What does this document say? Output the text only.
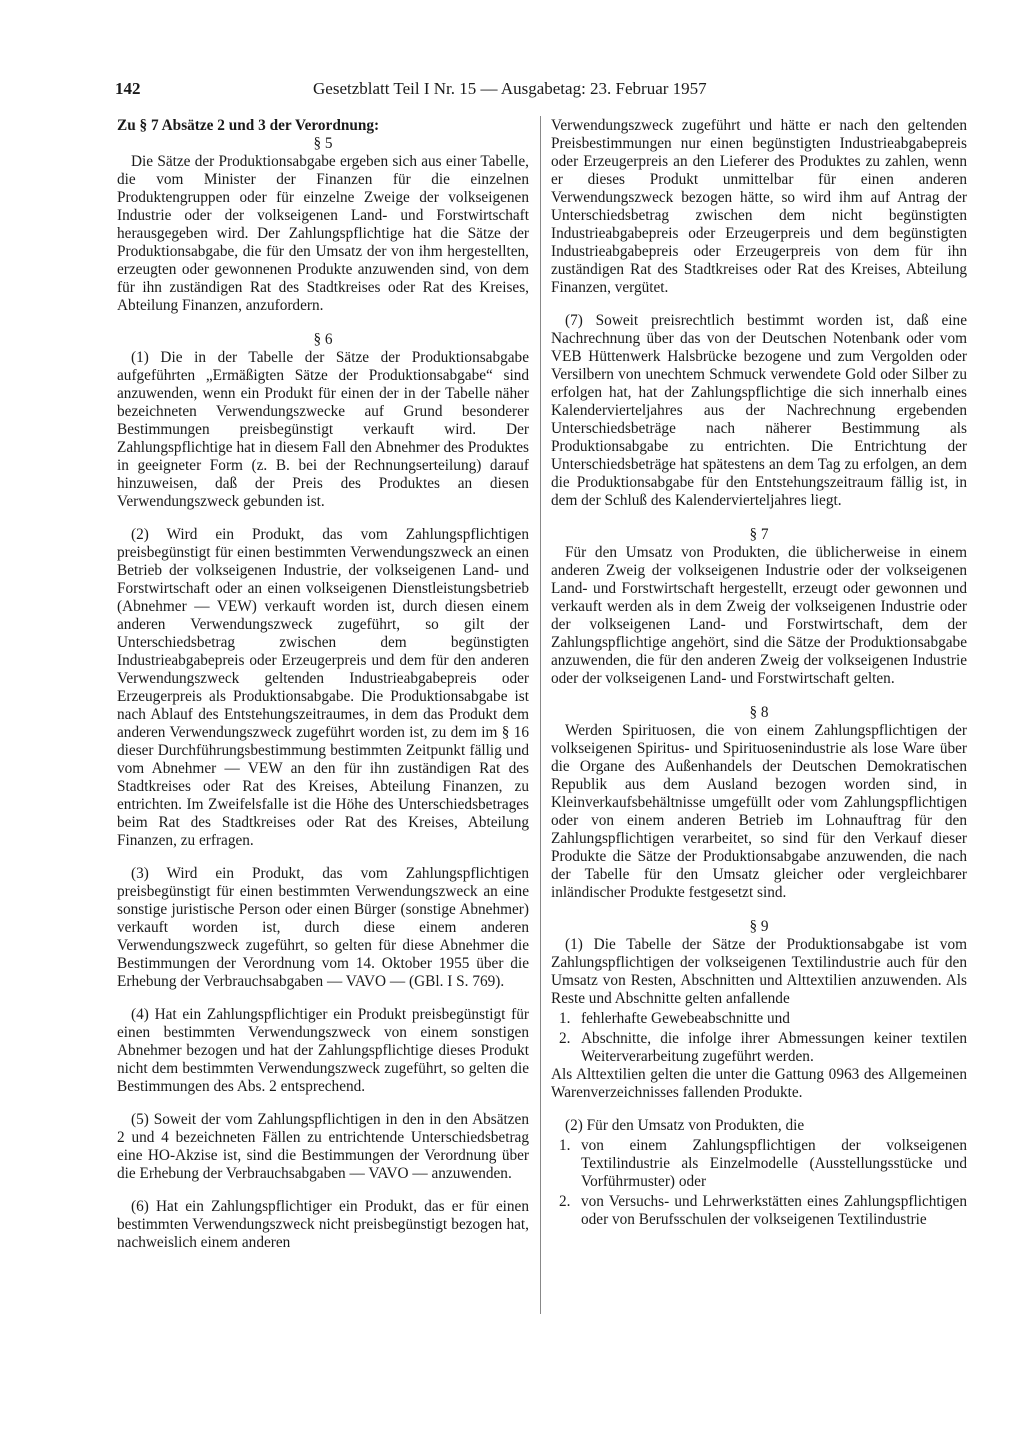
142	Gesetzblatt Teil I Nr. 15 — Ausgabetag: 23. Februar 1957

Zu § 7 Absätze 2 und 3 der Verordnung:

§ 5

Die Sätze der Produktionsabgabe ergeben sich aus einer Tabelle, die vom Minister der Finanzen für die einzelnen Produktengruppen oder für einzelne Zweige der volkseigenen Industrie oder der volkseigenen Land- und Forstwirtschaft herausgegeben wird. Der Zahlungspflichtige hat die Sätze der Produktionsabgabe, die für den Umsatz der von ihm hergestellten, erzeugten oder gewonnenen Produkte anzuwenden sind, von dem für ihn zuständigen Rat des Stadtkreises oder Rat des Kreises, Abteilung Finanzen, anzufordern.

§ 6

(1) Die in der Tabelle der Sätze der Produktionsabgabe aufgeführten „Ermäßigten Sätze der Produktionsabgabe“ sind anzuwenden, wenn ein Produkt für einen der in der Tabelle näher bezeichneten Verwendungszwecke auf Grund besonderer Bestimmungen preisbegünstigt verkauft wird. Der Zahlungspflichtige hat in diesem Fall den Abnehmer des Produktes in geeigneter Form (z. B. bei der Rechnungserteilung) darauf hinzuweisen, daß der Preis des Produktes an diesen Verwendungszweck gebunden ist.

(2) Wird ein Produkt, das vom Zahlungspflichtigen preisbegünstigt für einen bestimmten Verwendungszweck an einen Betrieb der volkseigenen Industrie, der volkseigenen Land- und Forstwirtschaft oder an einen volkseigenen Dienstleistungsbetrieb (Abnehmer — VEW) verkauft worden ist, durch diesen einem anderen Verwendungszweck zugeführt, so gilt der Unterschiedsbetrag zwischen dem begünstigten Industrieabgabepreis oder Erzeugerpreis und dem für den anderen Verwendungszweck geltenden Industrieabgabepreis oder Erzeugerpreis als Produktionsabgabe. Die Produktionsabgabe ist nach Ablauf des Entstehungszeitraumes, in dem das Produkt dem anderen Verwendungszweck zugeführt worden ist, zu dem im § 16 dieser Durchführungsbestimmung bestimmten Zeitpunkt fällig und vom Abnehmer — VEW an den für ihn zuständigen Rat des Stadtkreises oder Rat des Kreises, Abteilung Finanzen, zu entrichten. Im Zweifelsfalle ist die Höhe des Unterschiedsbetrages beim Rat des Stadtkreises oder Rat des Kreises, Abteilung Finanzen, zu erfragen.

(3) Wird ein Produkt, das vom Zahlungspflichtigen preisbegünstigt für einen bestimmten Verwendungszweck an eine sonstige juristische Person oder einen Bürger (sonstige Abnehmer) verkauft worden ist, durch diese einem anderen Verwendungszweck zugeführt, so gelten für diese Abnehmer die Bestimmungen der Verordnung vom 14. Oktober 1955 über die Erhebung der Verbrauchsabgaben — VAVO — (GBl. I S. 769).

(4) Hat ein Zahlungspflichtiger ein Produkt preisbegünstigt für einen bestimmten Verwendungszweck von einem sonstigen Abnehmer bezogen und hat der Zahlungspflichtige dieses Produkt nicht dem bestimmten Verwendungszweck zugeführt, so gelten die Bestimmungen des Abs. 2 entsprechend.

(5) Soweit der vom Zahlungspflichtigen in den in den Absätzen 2 und 4 bezeichneten Fällen zu entrichtende Unterschiedsbetrag eine HO-Akzise ist, sind die Bestimmungen der Verordnung über die Erhebung der Verbrauchsabgaben — VAVO — anzuwenden.

(6) Hat ein Zahlungspflichtiger ein Produkt, das er für einen bestimmten Verwendungszweck nicht preisbegünstigt bezogen hat, nachweislich einem anderen

Verwendungszweck zugeführt und hätte er nach den geltenden Preisbestimmungen nur einen begünstigten Industrieabgabepreis oder Erzeugerpreis an den Lieferer des Produktes zu zahlen, wenn er dieses Produkt unmittelbar für einen anderen Verwendungszweck bezogen hätte, so wird ihm auf Antrag der Unterschiedsbetrag zwischen dem nicht begünstigten Industrieabgabepreis oder Erzeugerpreis und dem begünstigten Industrieabgabepreis oder Erzeugerpreis von dem für ihn zuständigen Rat des Stadtkreises oder Rat des Kreises, Abteilung Finanzen, vergütet.

(7) Soweit preisrechtlich bestimmt worden ist, daß eine Nachrechnung über das von der Deutschen Notenbank oder vom VEB Hüttenwerk Halsbrücke bezogene und zum Vergolden oder Versilbern von unechtem Schmuck verwendete Gold oder Silber zu erfolgen hat, hat der Zahlungspflichtige die sich innerhalb eines Kalendervierteljahres aus der Nachrechnung ergebenden Unterschiedsbeträge nach näherer Bestimmung als Produktionsabgabe zu entrichten. Die Entrichtung der Unterschiedsbeträge hat spätestens an dem Tag zu erfolgen, an dem die Produktionsabgabe für den Entstehungszeitraum fällig ist, in dem der Schluß des Kalendervierteljahres liegt.

§ 7

Für den Umsatz von Produkten, die üblicherweise in einem anderen Zweig der volkseigenen Industrie oder der volkseigenen Land- und Forstwirtschaft hergestellt, erzeugt oder gewonnen und verkauft werden als in dem Zweig der volkseigenen Industrie oder der volkseigenen Land- und Forstwirtschaft, dem der Zahlungspflichtige angehört, sind die Sätze der Produktionsabgabe anzuwenden, die für den anderen Zweig der volkseigenen Industrie oder der volkseigenen Land- und Forstwirtschaft gelten.

§ 8

Werden Spirituosen, die von einem Zahlungspflichtigen der volkseigenen Spiritus- und Spirituosenindustrie als lose Ware über die Organe des Außenhandels der Deutschen Demokratischen Republik aus dem Ausland bezogen worden sind, in Kleinverkaufsbehältnisse umgefüllt oder vom Zahlungspflichtigen oder von einem anderen Betrieb im Lohnauftrag für den Zahlungspflichtigen verarbeitet, so sind für den Verkauf dieser Produkte die Sätze der Produktionsabgabe anzuwenden, die nach der Tabelle für den Umsatz gleicher oder vergleichbarer inländischer Produkte festgesetzt sind.

§ 9

(1) Die Tabelle der Sätze der Produktionsabgabe ist vom Zahlungspflichtigen der volkseigenen Textilindustrie auch für den Umsatz von Resten, Abschnitten und Alttextilien anzuwenden. Als Reste und Abschnitte gelten anfallende

1. fehlerhafte Gewebeabschnitte und
2. Abschnitte, die infolge ihrer Abmessungen keiner textilen Weiterverarbeitung zugeführt werden.

Als Alttextilien gelten die unter die Gattung 0963 des Allgemeinen Warenverzeichnisses fallenden Produkte.

(2) Für den Umsatz von Produkten, die

1. von einem Zahlungspflichtigen der volkseigenen Textilindustrie als Einzelmodelle (Ausstellungsstücke und Vorführmuster) oder
2. von Versuchs- und Lehrwerkstätten eines Zahlungspflichtigen oder von Berufsschulen der volkseigenen Textilindustrie
